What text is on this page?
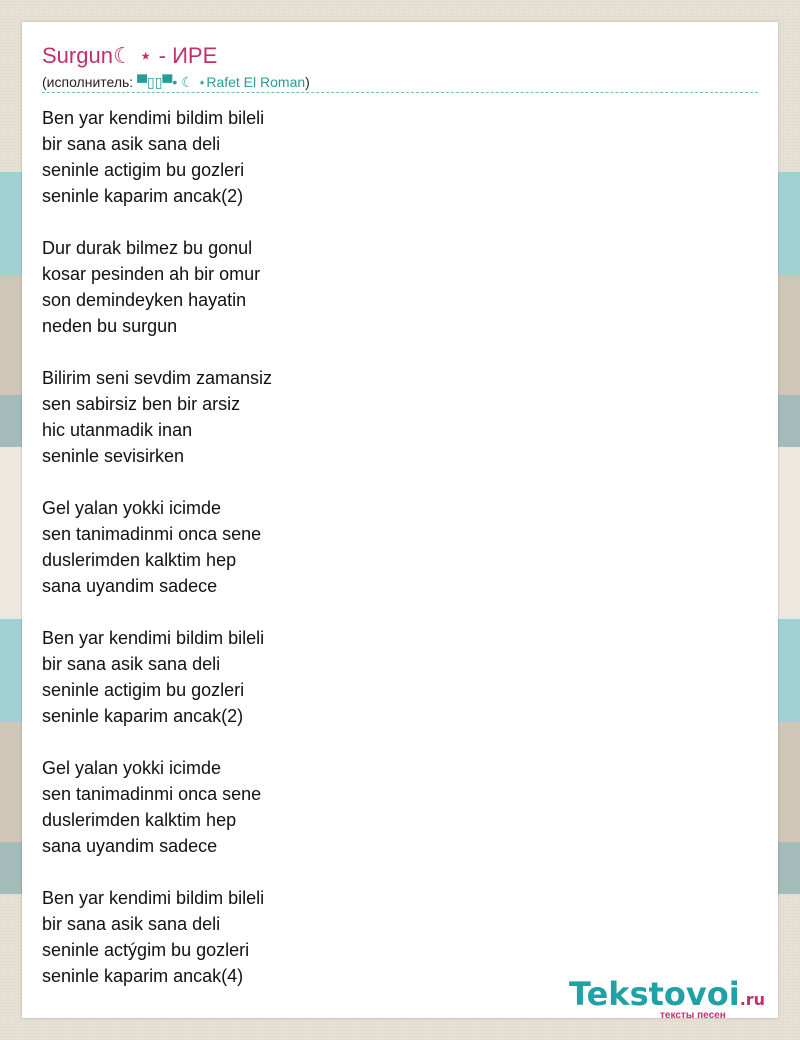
Surgun☾ ⋆ - ИРЕ
(исполнитель: ▀▯▯▀• ☾ ⋆Rafet El Roman)
Ben yar kendimi bildim bileli
bir sana asik sana deli
seninle actigim bu gozleri
seninle kaparim ancak(2)
Dur durak bilmez bu gonul
kosar pesinden ah bir omur
son demindeyken hayatin
neden bu surgun
Bilirim seni sevdim zamansiz
sen sabirsiz ben bir arsiz
hic utanmadik inan
seninle sevisirken
Gel yalan yokki icimde
sen tanimadinmi onca sene
duslerimden kalktim hep
sana uyandim sadece
Ben yar kendimi bildim bileli
bir sana asik sana deli
seninle actigim bu gozleri
seninle kaparim ancak(2)
Gel yalan yokki icimde
sen tanimadinmi onca sene
duslerimden kalktim hep
sana uyandim sadece
Ben yar kendimi bildim bileli
bir sana asik sana deli
seninle actýgim bu gozleri
seninle kaparim ancak(4)	Tekstovoi.ru
тексты песен
